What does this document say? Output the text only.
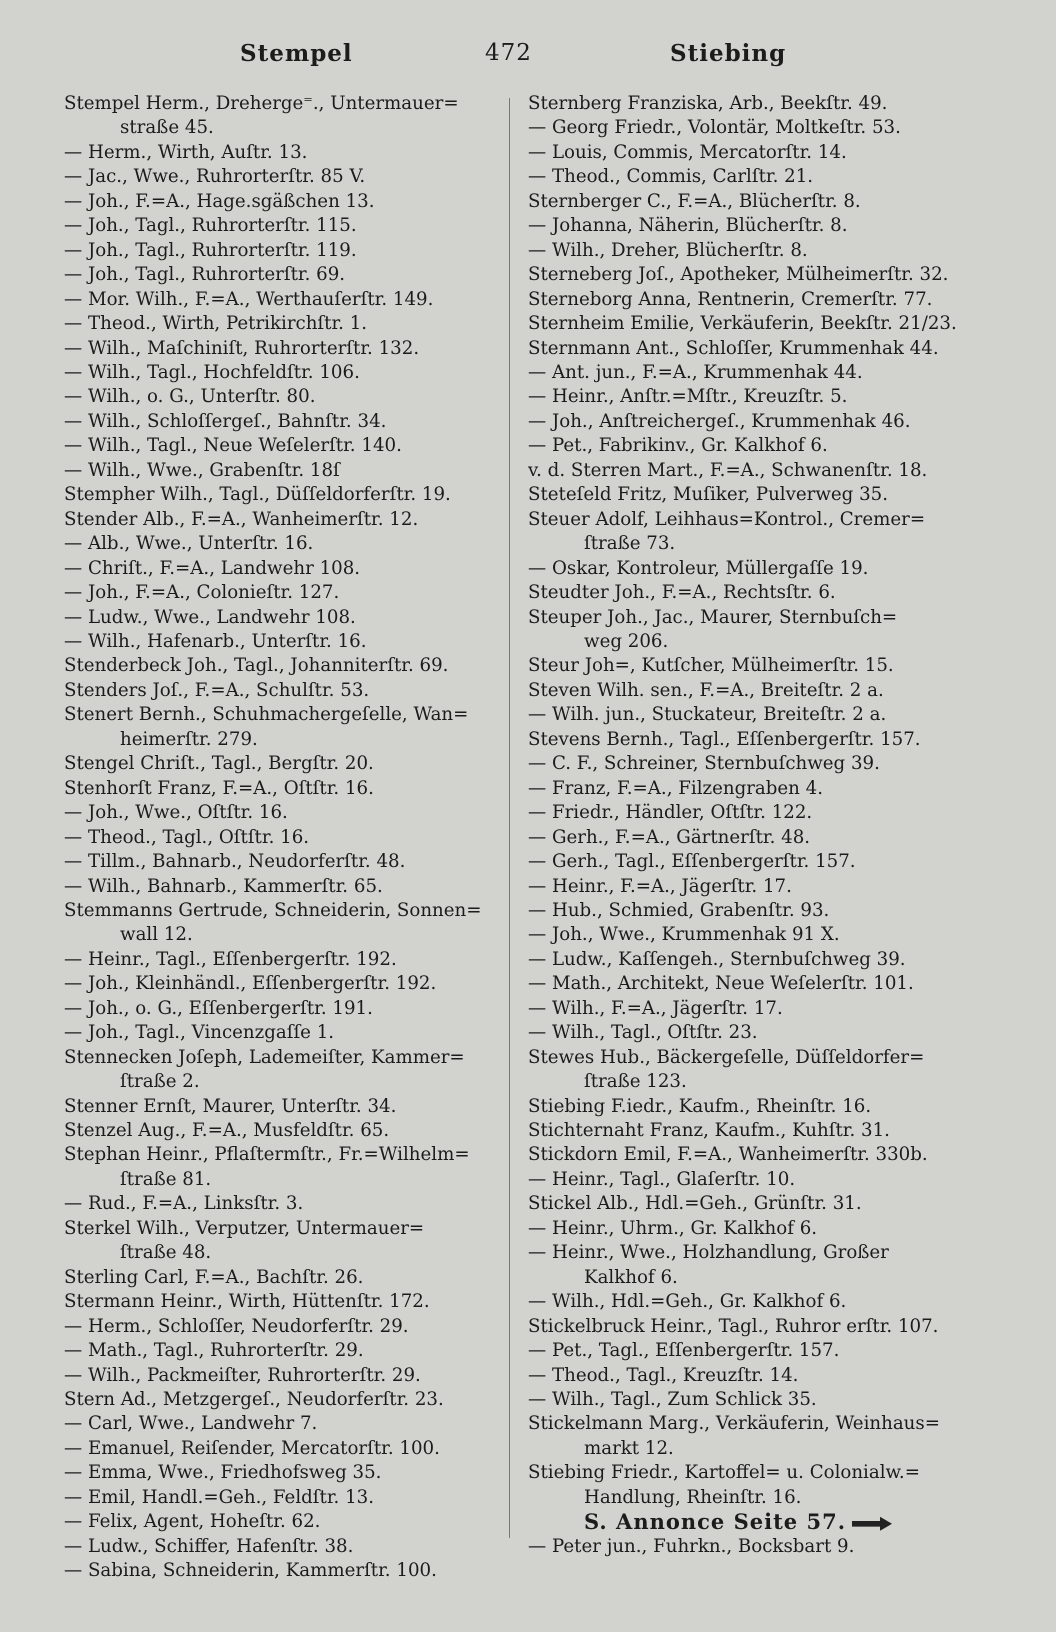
Stempel	472	Stiebing
Stempel Herm., Dreherge⁼., Untermauer=
straße 45.
— Herm., Wirth, Auſtr. 13.
— Jac., Wwe., Ruhrorterſtr. 85 V.
— Joh., F.=A., Hage.sgäßchen 13.
— Joh., Tagl., Ruhrorterſtr. 115.
— Joh., Tagl., Ruhrorterſtr. 119.
— Joh., Tagl., Ruhrorterſtr. 69.
— Mor. Wilh., F.=A., Werthauſerſtr. 149.
— Theod., Wirth, Petrikirchſtr. 1.
— Wilh., Maſchiniſt, Ruhrorterſtr. 132.
— Wilh., Tagl., Hochfeldſtr. 106.
— Wilh., o. G., Unterſtr. 80.
— Wilh., Schloſſergeſ., Bahnſtr. 34.
— Wilh., Tagl., Neue Weſelerſtr. 140.
— Wilh., Wwe., Grabenſtr. 18ſ
Stempher Wilh., Tagl., Düſſeldorferſtr. 19.
Stender Alb., F.=A., Wanheimerſtr. 12.
— Alb., Wwe., Unterſtr. 16.
— Chriſt., F.=A., Landwehr 108.
— Joh., F.=A., Colonieſtr. 127.
— Ludw., Wwe., Landwehr 108.
— Wilh., Hafenarb., Unterſtr. 16.
Stenderbeck Joh., Tagl., Johanniterſtr. 69.
Stenders Joſ., F.=A., Schulſtr. 53.
Stenert Bernh., Schuhmachergeſelle, Wan=
heimerſtr. 279.
Stengel Chriſt., Tagl., Bergſtr. 20.
Stenhorſt Franz, F.=A., Oſtſtr. 16.
— Joh., Wwe., Oſtſtr. 16.
— Theod., Tagl., Oſtſtr. 16.
— Tillm., Bahnarb., Neudorferſtr. 48.
— Wilh., Bahnarb., Kammerſtr. 65.
Stemmanns Gertrude, Schneiderin, Sonnen=
wall 12.
— Heinr., Tagl., Eſſenbergerſtr. 192.
— Joh., Kleinhändl., Eſſenbergerſtr. 192.
— Joh., o. G., Eſſenbergerſtr. 191.
— Joh., Tagl., Vincenzgaſſe 1.
Stennecken Joſeph, Lademeiſter, Kammer=
ſtraße 2.
Stenner Ernſt, Maurer, Unterſtr. 34.
Stenzel Aug., F.=A., Musfeldſtr. 65.
Stephan Heinr., Pflaſtermſtr., Fr.=Wilhelm=
ſtraße 81.
— Rud., F.=A., Linksſtr. 3.
Sterkel Wilh., Verputzer, Untermauer=
ſtraße 48.
Sterling Carl, F.=A., Bachſtr. 26.
Stermann Heinr., Wirth, Hüttenſtr. 172.
— Herm., Schloſſer, Neudorferſtr. 29.
— Math., Tagl., Ruhrorterſtr. 29.
— Wilh., Packmeiſter, Ruhrorterſtr. 29.
Stern Ad., Metzgergeſ., Neudorferſtr. 23.
— Carl, Wwe., Landwehr 7.
— Emanuel, Reiſender, Mercatorſtr. 100.
— Emma, Wwe., Friedhofsweg 35.
— Emil, Handl.=Geh., Feldſtr. 13.
— Felix, Agent, Hoheſtr. 62.
— Ludw., Schiffer, Hafenſtr. 38.
— Sabina, Schneiderin, Kammerſtr. 100.
Sternberg Franziska, Arb., Beekſtr. 49.
— Georg Friedr., Volontär, Moltkeſtr. 53.
— Louis, Commis, Mercatorſtr. 14.
— Theod., Commis, Carlſtr. 21.
Sternberger C., F.=A., Blücherſtr. 8.
— Johanna, Näherin, Blücherſtr. 8.
— Wilh., Dreher, Blücherſtr. 8.
Sterneberg Joſ., Apotheker, Mülheimerſtr. 32.
Sterneborg Anna, Rentnerin, Cremerſtr. 77.
Sternheim Emilie, Verkäuferin, Beekſtr. 21/23.
Sternmann Ant., Schloſſer, Krummenhak 44.
— Ant. jun., F.=A., Krummenhak 44.
— Heinr., Anſtr.=Mſtr., Kreuzſtr. 5.
— Joh., Anſtreichergeſ., Krummenhak 46.
— Pet., Fabrikinv., Gr. Kalkhof 6.
v. d. Sterren Mart., F.=A., Schwanenſtr. 18.
Steteſeld Fritz, Muſiker, Pulverweg 35.
Steuer Adolf, Leihhaus=Kontrol., Cremer=
ſtraße 73.
— Oskar, Kontroleur, Müllergaſſe 19.
Steudter Joh., F.=A., Rechtsſtr. 6.
Steuper Joh., Jac., Maurer, Sternbuſch=
weg 206.
Steur Joh=, Kutſcher, Mülheimerſtr. 15.
Steven Wilh. sen., F.=A., Breiteſtr. 2 a.
— Wilh. jun., Stuckateur, Breiteſtr. 2 a.
Stevens Bernh., Tagl., Eſſenbergerſtr. 157.
— C. F., Schreiner, Sternbuſchweg 39.
— Franz, F.=A., Filzengraben 4.
— Friedr., Händler, Oſtſtr. 122.
— Gerh., F.=A., Gärtnerſtr. 48.
— Gerh., Tagl., Eſſenbergerſtr. 157.
— Heinr., F.=A., Jägerſtr. 17.
— Hub., Schmied, Grabenſtr. 93.
— Joh., Wwe., Krummenhak 91 X.
— Ludw., Kaſſengeh., Sternbuſchweg 39.
— Math., Architekt, Neue Weſelerſtr. 101.
— Wilh., F.=A., Jägerſtr. 17.
— Wilh., Tagl., Oſtſtr. 23.
Stewes Hub., Bäckergeſelle, Düſſeldorfer=
ſtraße 123.
Stiebing F.iedr., Kaufm., Rheinſtr. 16.
Stichternaht Franz, Kaufm., Kuhſtr. 31.
Stickdorn Emil, F.=A., Wanheimerſtr. 330b.
— Heinr., Tagl., Glaſerſtr. 10.
Stickel Alb., Hdl.=Geh., Grünſtr. 31.
— Heinr., Uhrm., Gr. Kalkhof 6.
— Heinr., Wwe., Holzhandlung, Großer
Kalkhof 6.
— Wilh., Hdl.=Geh., Gr. Kalkhof 6.
Stickelbruck Heinr., Tagl., Ruhror erſtr. 107.
— Pet., Tagl., Eſſenbergerſtr. 157.
— Theod., Tagl., Kreuzſtr. 14.
— Wilh., Tagl., Zum Schlick 35.
Stickelmann Marg., Verkäuferin, Weinhaus=
markt 12.
Stiebing Friedr., Kartoffel= u. Colonialw.=
Handlung, Rheinſtr. 16.
S. Annonce Seite 57.
— Peter jun., Fuhrkn., Bocksbart 9.
